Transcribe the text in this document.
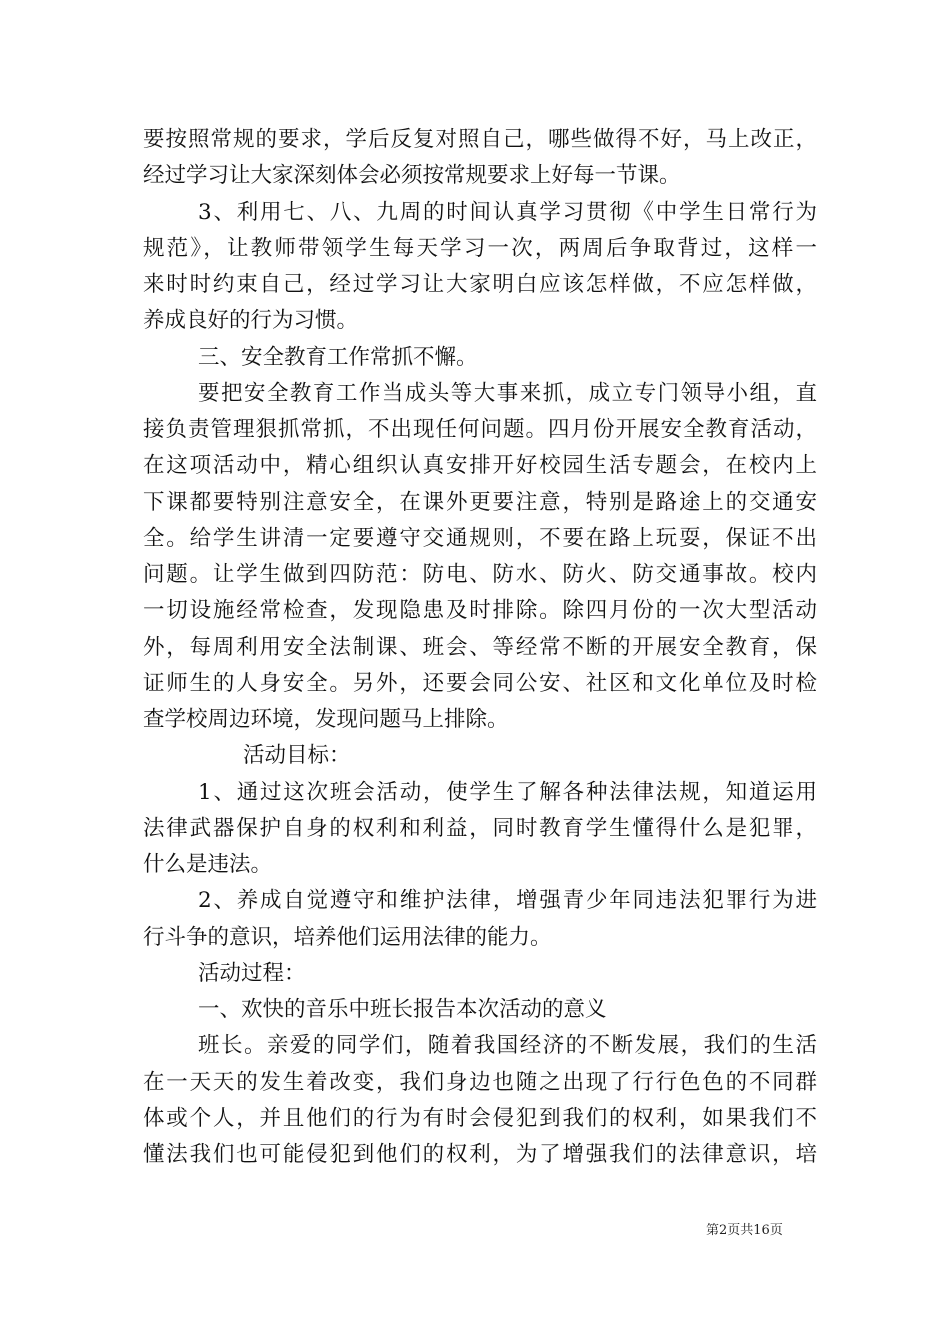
要按照常规的要求，学后反复对照自己，哪些做得不好，马上改正，
经过学习让大家深刻体会必须按常规要求上好每一节课。
3、利用七、八、九周的时间认真学习贯彻《中学生日常行为
规范》，让教师带领学生每天学习一次，两周后争取背过，这样一
来时时约束自己，经过学习让大家明白应该怎样做，不应怎样做，
养成良好的行为习惯。
三、安全教育工作常抓不懈。
要把安全教育工作当成头等大事来抓，成立专门领导小组，直
接负责管理狠抓常抓，不出现任何问题。四月份开展安全教育活动，
在这项活动中，精心组织认真安排开好校园生活专题会，在校内上
下课都要特别注意安全，在课外更要注意，特别是路途上的交通安
全。给学生讲清一定要遵守交通规则，不要在路上玩耍，保证不出
问题。让学生做到四防范：防电、防水、防火、防交通事故。校内
一切设施经常检查，发现隐患及时排除。除四月份的一次大型活动
外，每周利用安全法制课、班会、等经常不断的开展安全教育，保
证师生的人身安全。另外，还要会同公安、社区和文化单位及时检
查学校周边环境，发现问题马上排除。
活动目标：
1、通过这次班会活动，使学生了解各种法律法规，知道运用
法律武器保护自身的权利和利益，同时教育学生懂得什么是犯罪，
什么是违法。
2、养成自觉遵守和维护法律，增强青少年同违法犯罪行为进
行斗争的意识，培养他们运用法律的能力。
活动过程：
一、欢快的音乐中班长报告本次活动的意义
班长。亲爱的同学们，随着我国经济的不断发展，我们的生活
在一天天的发生着改变，我们身边也随之出现了行行色色的不同群
体或个人，并且他们的行为有时会侵犯到我们的权利，如果我们不
懂法我们也可能侵犯到他们的权利，为了增强我们的法律意识，培
第2页共16页
